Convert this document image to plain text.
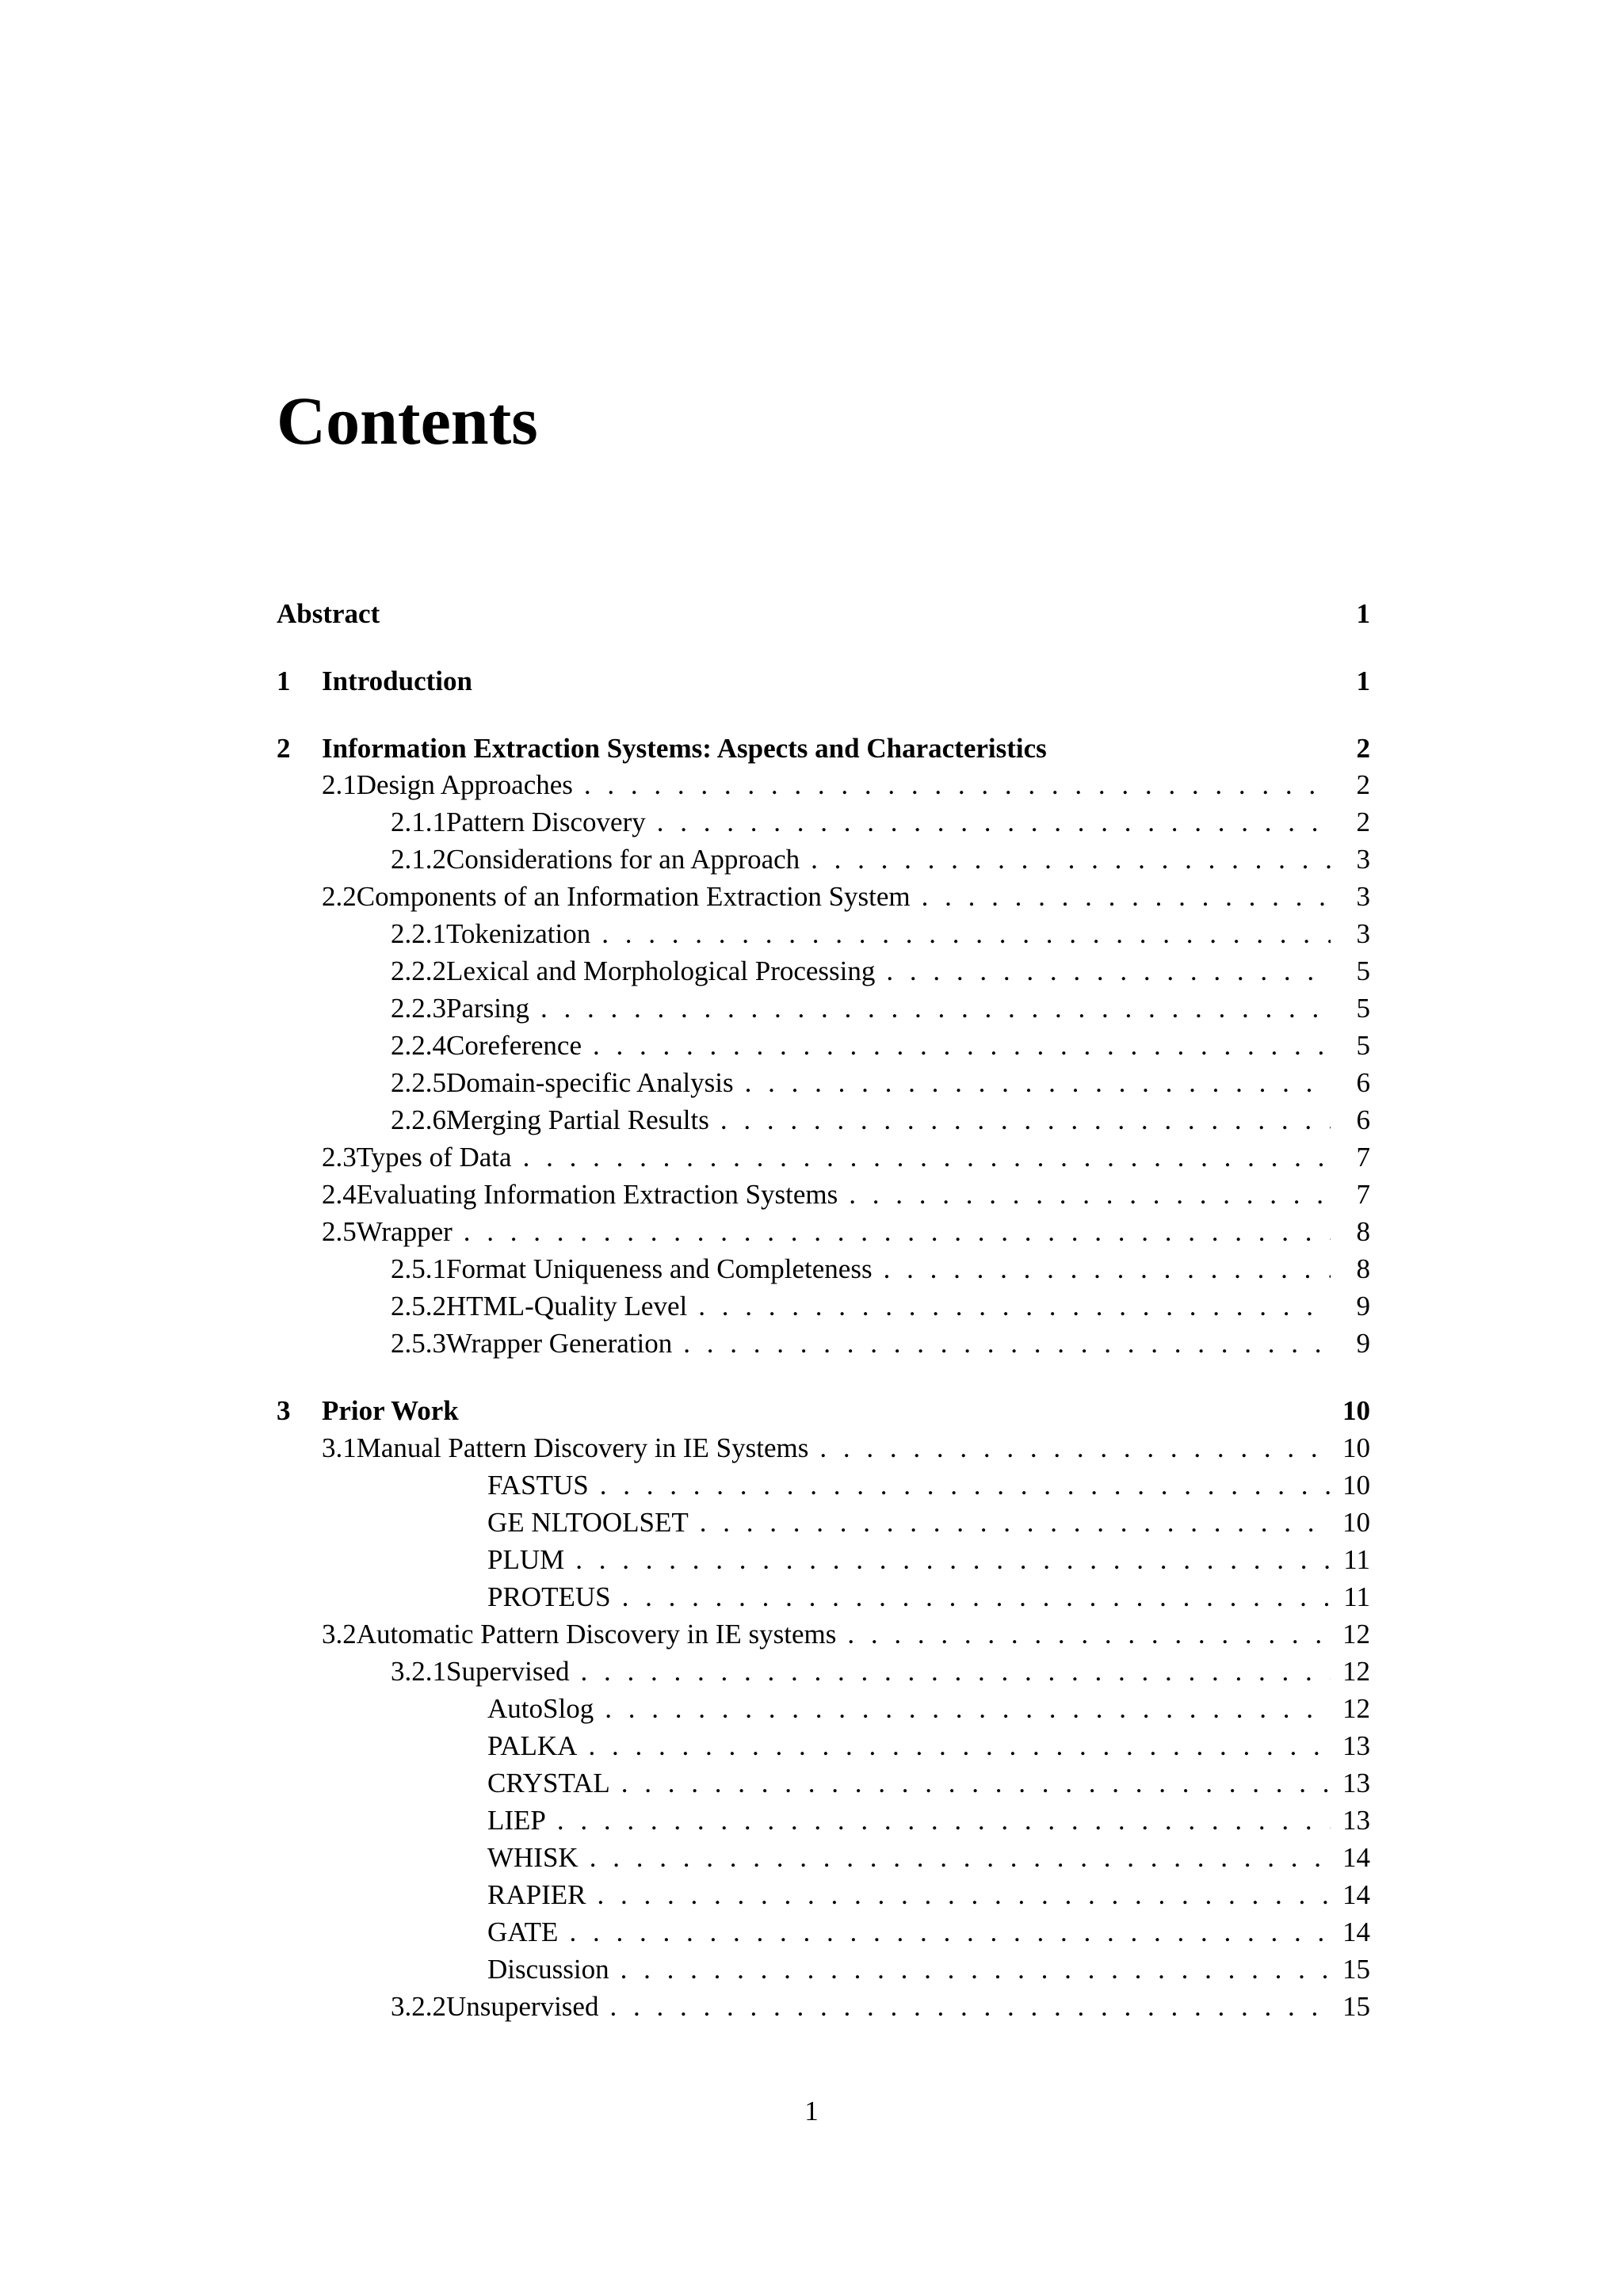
Contents
Abstract	1
1	Introduction	1
2	Information Extraction Systems: Aspects and Characteristics	2
2.1 Design Approaches . . .	2
2.1.1 Pattern Discovery . . .	2
2.1.2 Considerations for an Approach . . .	3
2.2 Components of an Information Extraction System . . .	3
2.2.1 Tokenization . . .	3
2.2.2 Lexical and Morphological Processing . . .	5
2.2.3 Parsing . . .	5
2.2.4 Coreference . . .	5
2.2.5 Domain-specific Analysis . . .	6
2.2.6 Merging Partial Results . . .	6
2.3 Types of Data . . .	7
2.4 Evaluating Information Extraction Systems . . .	7
2.5 Wrapper . . .	8
2.5.1 Format Uniqueness and Completeness . . .	8
2.5.2 HTML-Quality Level . . .	9
2.5.3 Wrapper Generation . . .	9
3	Prior Work	10
3.1 Manual Pattern Discovery in IE Systems . . .	10
FASTUS . . .	10
GE NLTOOLSET . . .	10
PLUM . . .	11
PROTEUS . . .	11
3.2 Automatic Pattern Discovery in IE systems . . .	12
3.2.1 Supervised . . .	12
AutoSlog . . .	12
PALKA . . .	13
CRYSTAL . . .	13
LIEP . . .	13
WHISK . . .	14
RAPIER . . .	14
GATE . . .	14
Discussion . . .	15
3.2.2 Unsupervised . . .	15
1
